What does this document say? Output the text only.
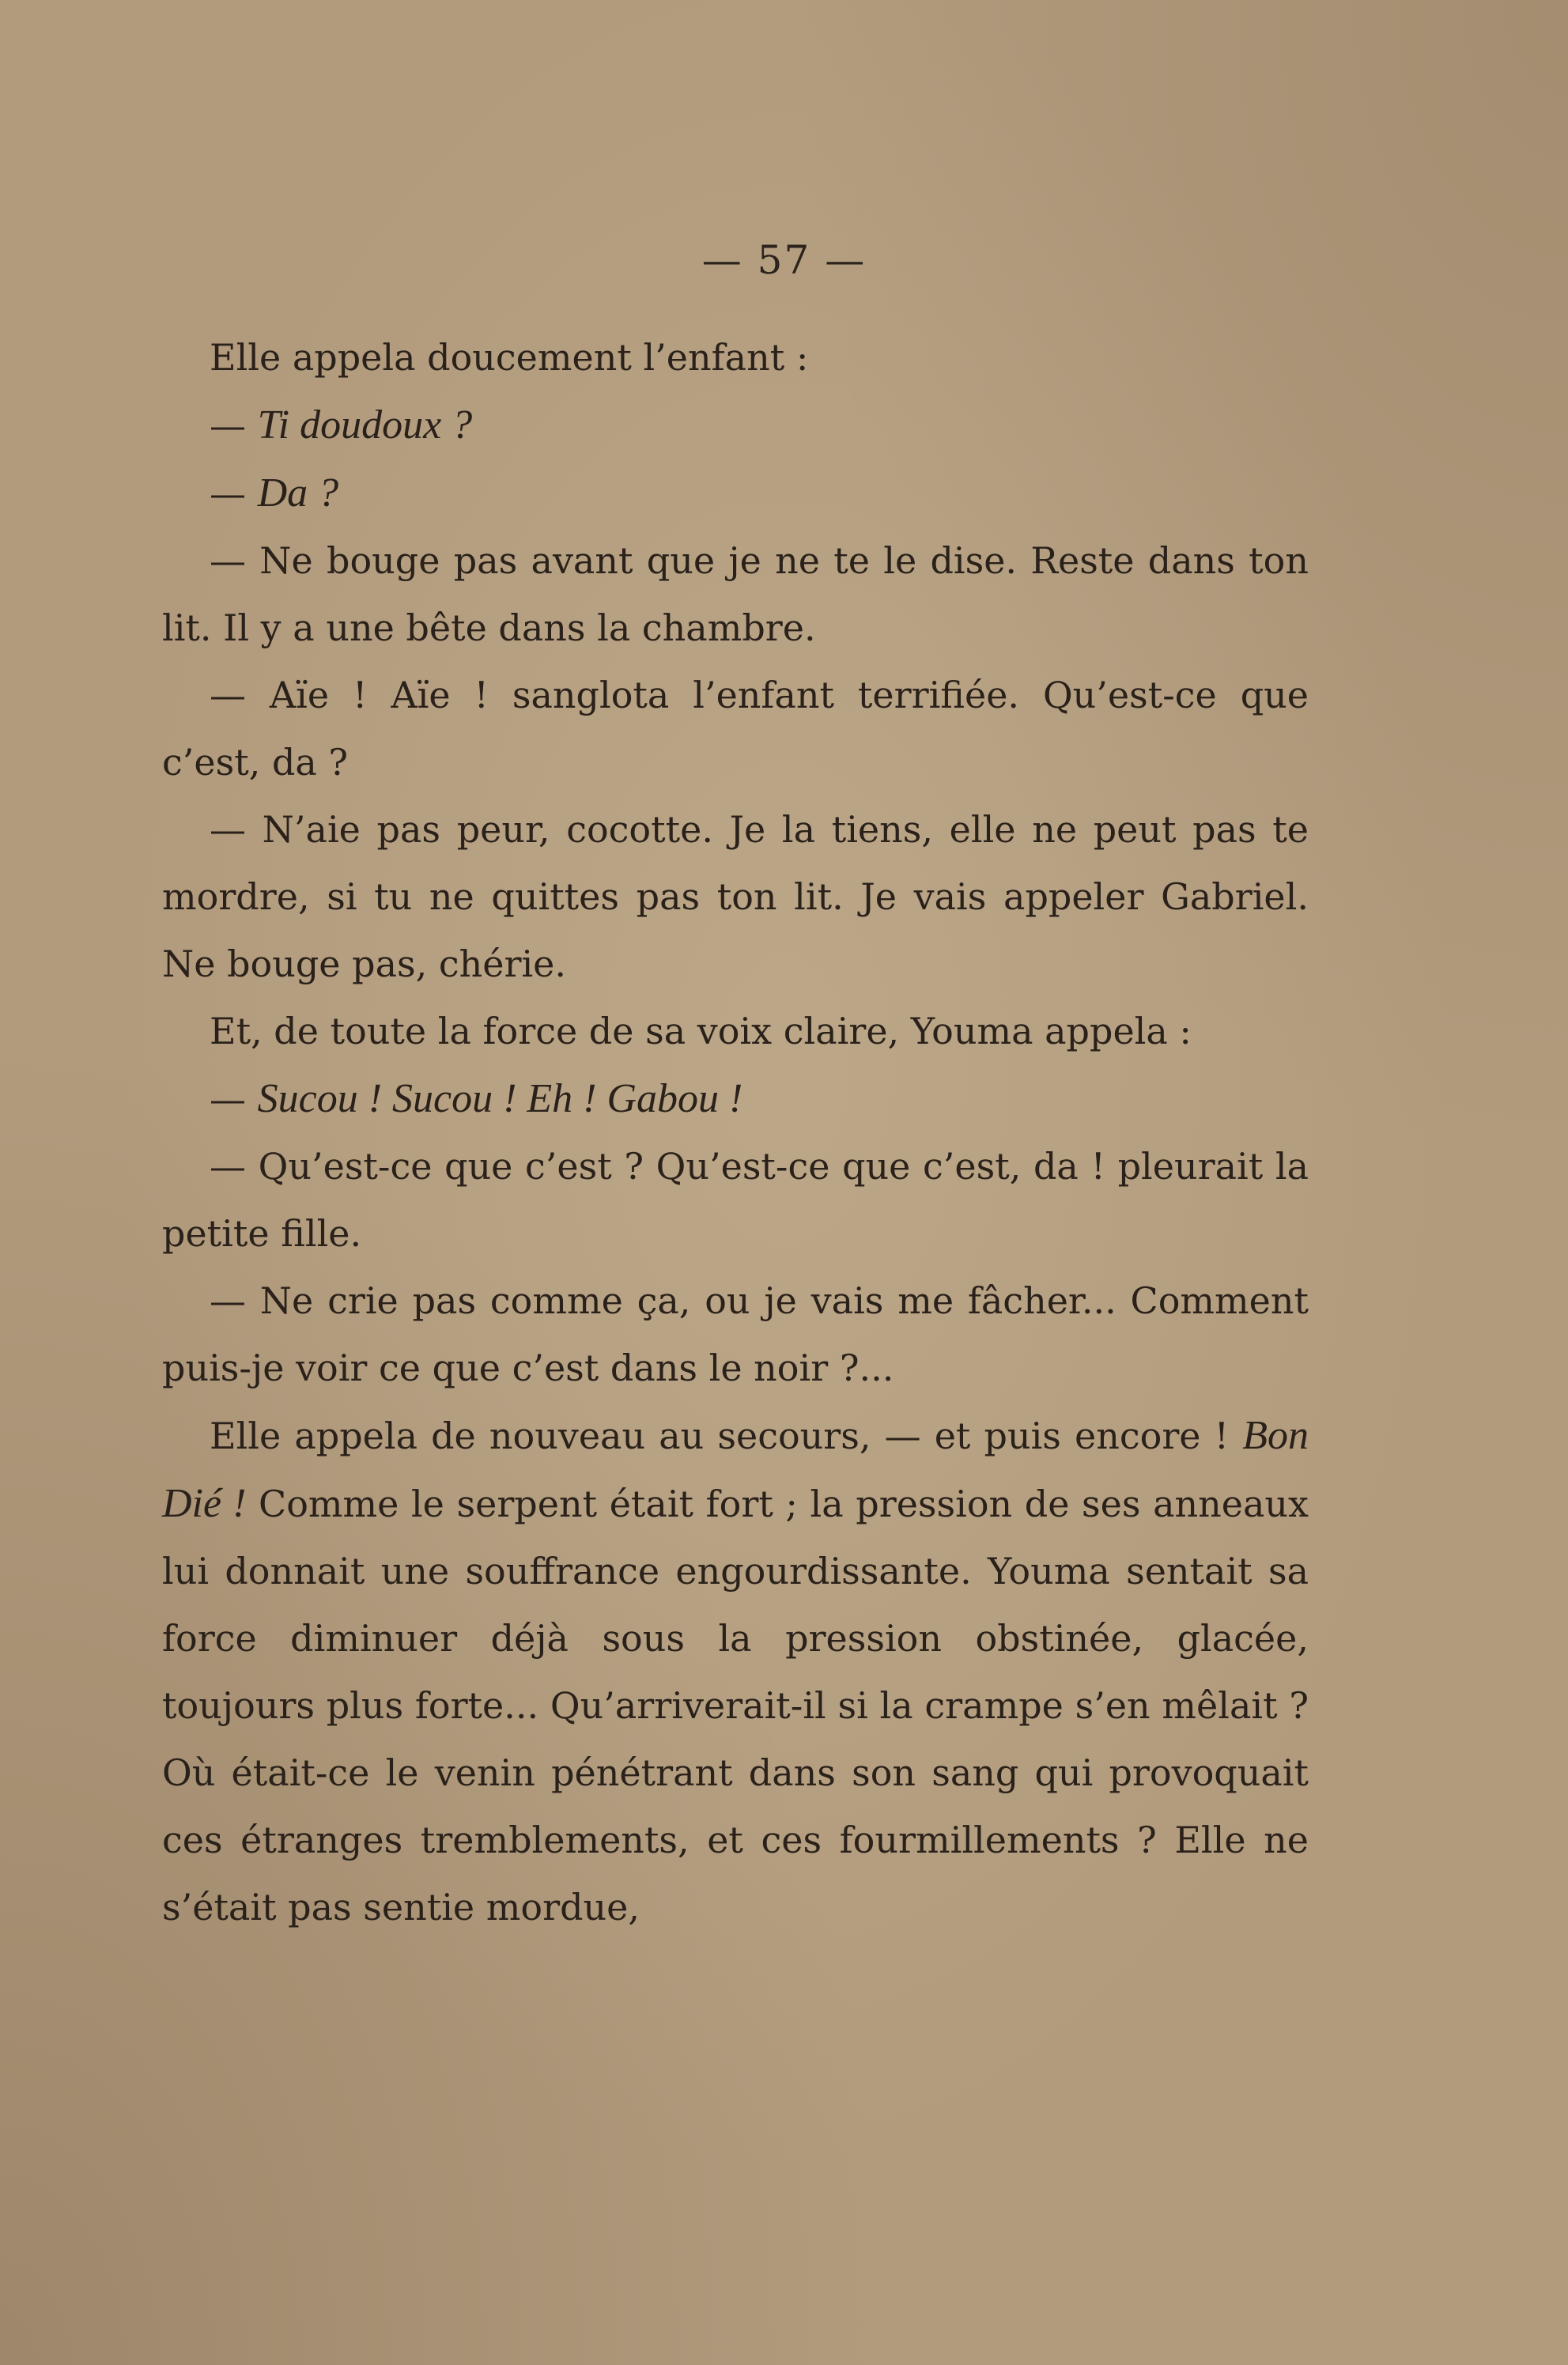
— 57 —

Elle appela doucement l’enfant :

— Ti doudoux ?

— Da ?

— Ne bouge pas avant que je ne te le dise. Reste dans ton lit. Il y a une bête dans la chambre.

— Aïe ! Aïe ! sanglota l’enfant terrifiée. Qu’est-ce que c’est, da ?

— N’aie pas peur, cocotte. Je la tiens, elle ne peut pas te mordre, si tu ne quittes pas ton lit. Je vais appeler Gabriel. Ne bouge pas, chérie.

Et, de toute la force de sa voix claire, Youma appela :

— Sucou ! Sucou ! Eh ! Gabou !

— Qu’est-ce que c’est ? Qu’est-ce que c’est, da ! pleurait la petite fille.

— Ne crie pas comme ça, ou je vais me fâcher... Comment puis-je voir ce que c’est dans le noir ?...

Elle appela de nouveau au secours, — et puis encore ! Bon Dié ! Comme le serpent était fort ; la pression de ses anneaux lui donnait une souffrance engourdissante. Youma sentait sa force diminuer déjà sous la pression obstinée, glacée, toujours plus forte... Qu’arriverait-il si la crampe s’en mêlait ? Où était-ce le venin pénétrant dans son sang qui provoquait ces étranges tremblements, et ces fourmillements ? Elle ne s’était pas sentie mordue,
